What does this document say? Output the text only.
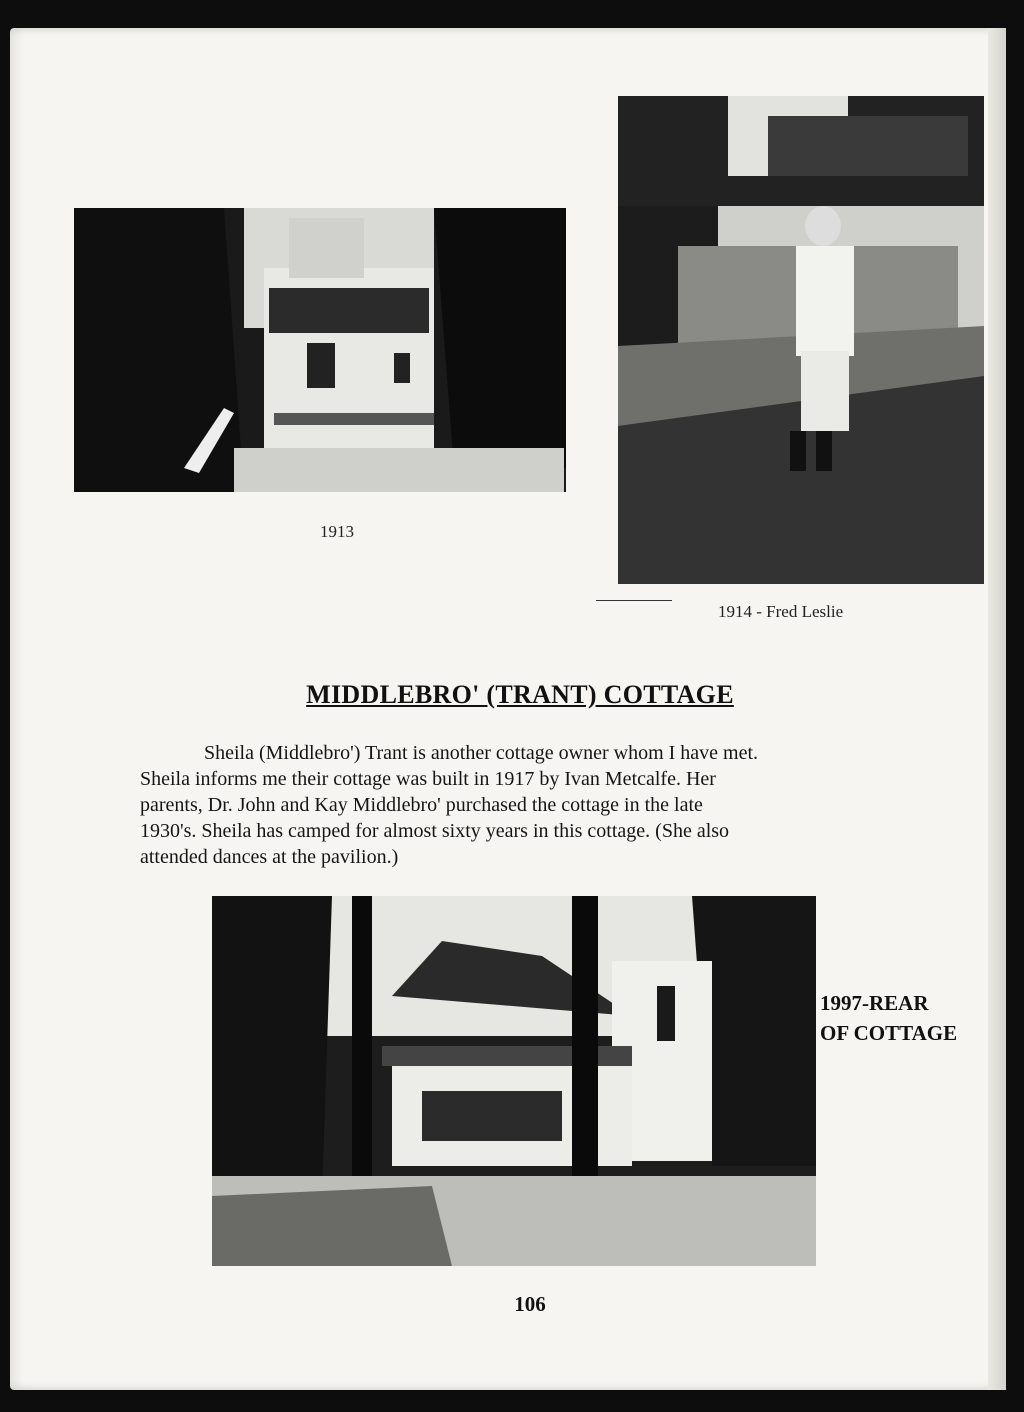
1913
1914 - Fred Leslie
MIDDLEBRO' (TRANT) COTTAGE
Sheila (Middlebro') Trant is another cottage owner whom I have met.
Sheila informs me their cottage was built in 1917 by Ivan Metcalfe. Her
parents, Dr. John and Kay Middlebro' purchased the cottage in the late
1930's. Sheila has camped for almost sixty years in this cottage. (She also
attended dances at the pavilion.)
1997-REAR
OF COTTAGE
106
